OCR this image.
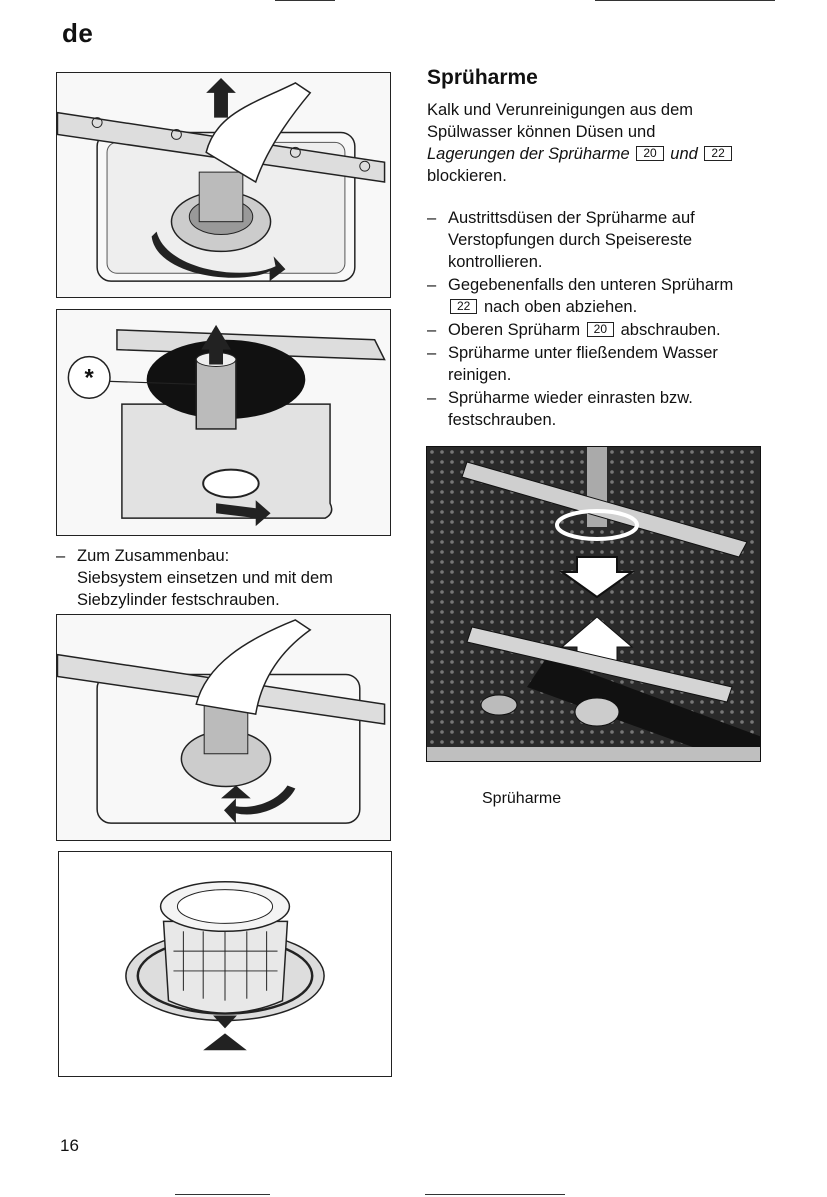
de
*
– Zum Zusammenbau:
Siebsystem einsetzen und mit dem
Siebzylinder festschrauben.
Sprüharme
Kalk und Verunreinigungen aus dem
Spülwasser können Düsen und
Lagerungen der Sprüharme 20 und 22
blockieren.
– Austrittsdüsen der Sprüharme auf Verstopfungen durch Speisereste kontrollieren.
– Gegebenenfalls den unteren Sprüharm
22 nach oben abziehen.
– Oberen Sprüharm 20 abschrauben.
– Sprüharme unter fließendem Wasser reinigen.
– Sprüharme wieder einrasten bzw. festschrauben.
Sprüharme
16
